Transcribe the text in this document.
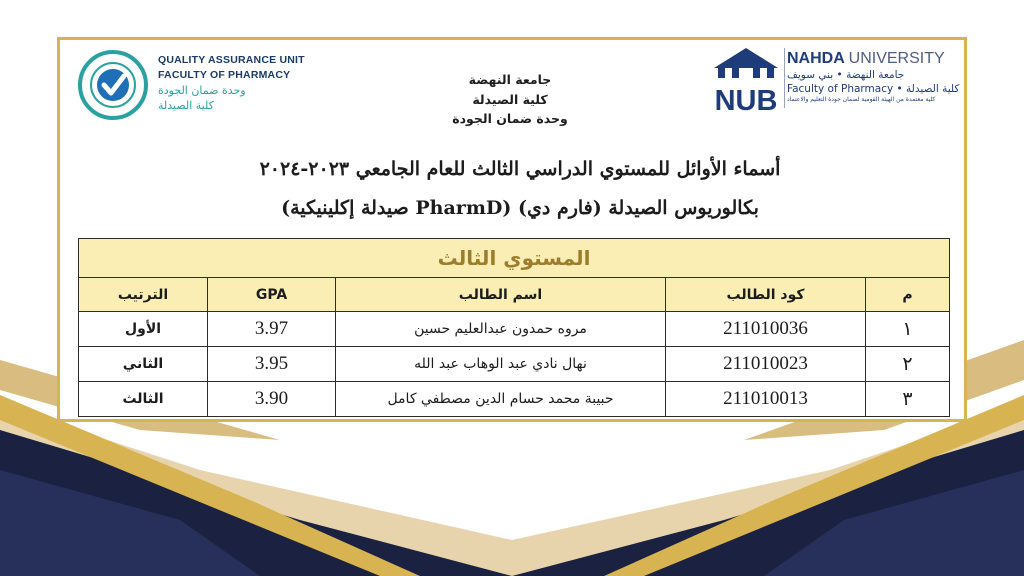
QUALITY ASSURANCE UNIT
FACULTY OF PHARMACY
وحدة ضمان الجودة
كلية الصيدلة
جامعة النهضة
كلية الصيدلة
وحدة ضمان الجودة
NUB
NAHDA UNIVERSITY
جامعة النهضة • بني سويف
كلية الصيدلة • Faculty of Pharmacy
كلية معتمدة من الهيئة القومية لضمان جودة التعليم والاعتماد
أسماء الأوائل للمستوي الدراسي الثالث للعام الجامعي ٢٠٢٣-٢٠٢٤
بكالوريوس الصيدلة (فارم دي) (PharmD صيدلة إكلينيكية)
المستوي الثالث				
م	كود الطالب	اسم الطالب	GPA	الترتيب
١	211010036	مروه حمدون عبدالعليم حسين	3.97	الأول
٢	211010023	نهال نادي عبد الوهاب عبد الله	3.95	الثاني
٣	211010013	حبيبة محمد حسام الدين مصطفي كامل	3.90	الثالث
